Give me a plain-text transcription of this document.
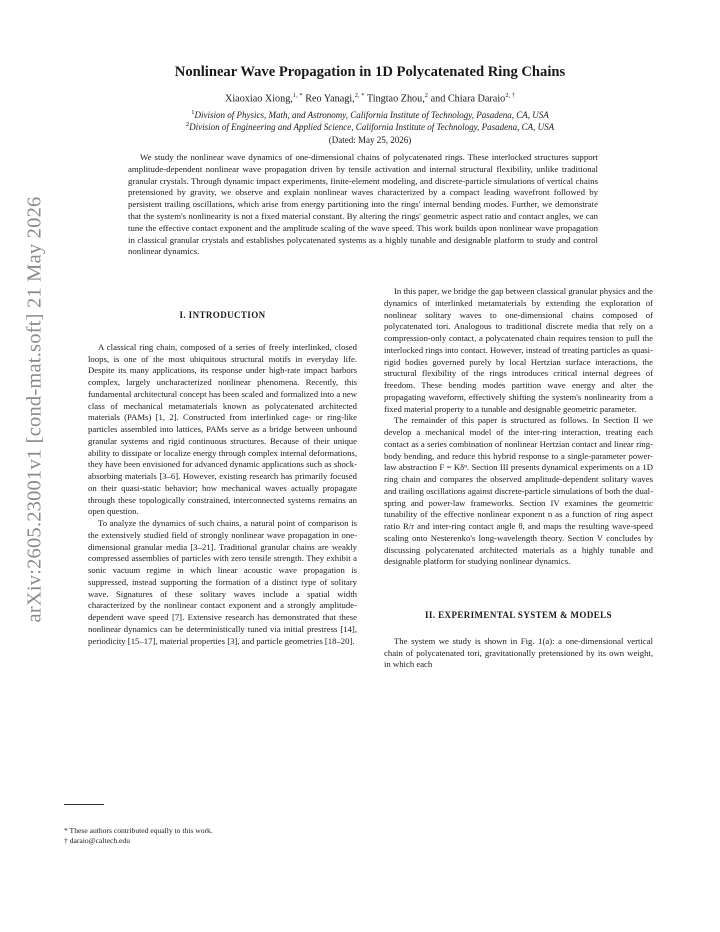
arXiv:2605.23001v1 [cond-mat.soft] 21 May 2026
Nonlinear Wave Propagation in 1D Polycatenated Ring Chains
Xiaoxiao Xiong,$^{1, *}$ Reo Yanagi,$^{2, *}$ Tingtao Zhou,$^2$ and Chiara Daraio$^{2, \dagger}$
$^1$Division of Physics, Math, and Astronomy, California Institute of Technology, Pasadena, CA, USA
$^2$Division of Engineering and Applied Science, California Institute of Technology, Pasadena, CA, USA
(Dated: May 25, 2026)

We study the nonlinear wave dynamics of one-dimensional chains of polycatenated rings. These interlocked structures support amplitude-dependent nonlinear wave propagation driven by tensile activation and internal structural flexibility, unlike traditional granular crystals. Through dynamic impact experiments, finite-element modeling, and discrete-particle simulations of vertical chains pretensioned by gravity, we observe and explain nonlinear waves characterized by a compact leading wavefront followed by persistent trailing oscillations, which arise from energy partitioning into the rings' internal bending modes. Further, we demonstrate that the system's nonlinearity is not a fixed material constant. By altering the rings' geometric aspect ratio and contact angles, we can tune the effective contact exponent and the amplitude scaling of the wave speed. This work builds upon nonlinear wave propagation in classical granular crystals and establishes polycatenated systems as a highly tunable and designable platform to study and control nonlinear dynamics.

I. INTRODUCTION

A classical ring chain, composed of a series of freely interlinked, closed loops, is one of the most ubiquitous structural motifs in everyday life. Despite its many applications, its response under high-rate impact harbors complex, largely uncharacterized nonlinear phenomena. Recently, this fundamental architectural concept has been scaled and formalized into a new class of mechanical metamaterials known as polycatenated architected materials (PAMs) [1, 2]. Constructed from interlinked cage- or ring-like particles assembled into lattices, PAMs serve as a bridge between unbound granular systems and rigid continuous structures. Because of their unique ability to dissipate or localize energy through complex internal deformations, they have been envisioned for advanced dynamic applications such as shock-absorbing materials [3–6]. However, existing research has primarily focused on their quasi-static behavior; how mechanical waves actually propagate through these topologically constrained, interconnected systems remains an open question.

To analyze the dynamics of such chains, a natural point of comparison is the extensively studied field of strongly nonlinear wave propagation in one-dimensional granular media [3–21]. Traditional granular chains are weakly compressed assemblies of particles with zero tensile strength. They exhibit a sonic vacuum regime in which linear acoustic wave propagation is suppressed, instead supporting the formation of a distinct type of solitary wave. Signatures of these solitary waves include a spatial width characterized by the nonlinear contact exponent and a strongly amplitude-dependent wave speed [7]. Extensive research has demonstrated that these nonlinear dynamics can be deterministically tuned via initial prestress [14], periodicity [15–17], material properties [3], and particle geometries [18–20].

In this paper, we bridge the gap between classical granular physics and the dynamics of interlinked metamaterials by extending the exploration of nonlinear solitary waves to one-dimensional chains composed of polycatenated tori. Analogous to traditional discrete media that rely on a compression-only contact, a polycatenated chain requires tension to pull the interlocked rings into contact. However, instead of treating particles as quasi-rigid bodies governed purely by local Hertzian surface interactions, the structural flexibility of the rings introduces critical internal degrees of freedom. These bending modes partition wave energy and alter the propagating waveform, effectively shifting the system's nonlinearity from a fixed material property to a tunable and designable geometric parameter.

The remainder of this paper is structured as follows. In Section II we develop a mechanical model of the inter-ring interaction, treating each contact as a series combination of nonlinear Hertzian contact and linear ring-body bending, and reduce this hybrid response to a single-parameter power-law abstraction F = Kδⁿ. Section III presents dynamical experiments on a 1D ring chain and compares the observed amplitude-dependent solitary waves and trailing oscillations against discrete-particle simulations of both the dual-spring and power-law frameworks. Section IV examines the geometric tunability of the effective nonlinear exponent n as a function of ring aspect ratio R/r and inter-ring contact angle θ, and maps the resulting wave-speed scaling onto Nesterenko's long-wavelength theory. Section V concludes by discussing polycatenated architected materials as a highly tunable and designable platform for studying nonlinear dynamics.

II. EXPERIMENTAL SYSTEM & MODELS

The system we study is shown in Fig. 1(a): a one-dimensional vertical chain of polycatenated tori, gravitationally pretensioned by its own weight, in which each

* These authors contributed equally to this work.
† daraio@caltech.edu
